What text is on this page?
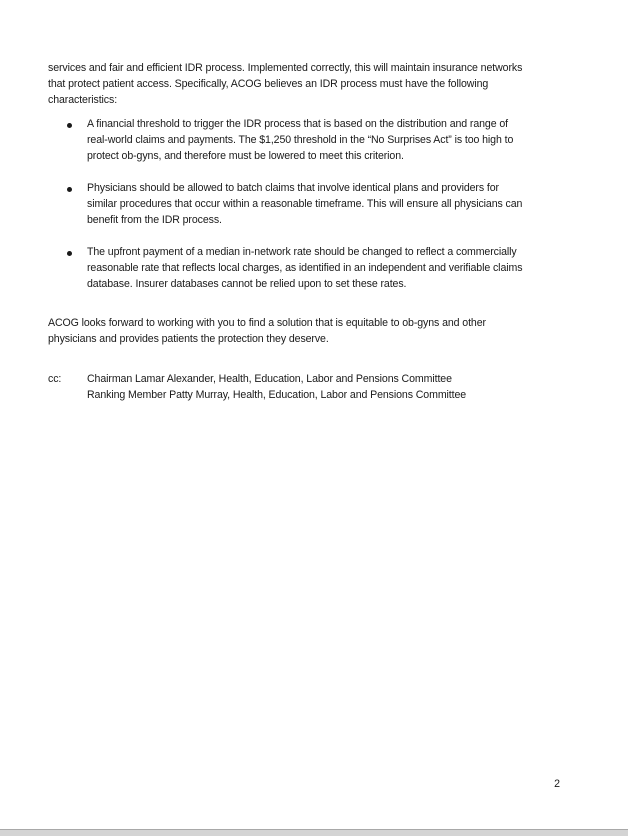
services and fair and efficient IDR process. Implemented correctly, this will maintain insurance networks
that protect patient access. Specifically, ACOG believes an IDR process must have the following
characteristics:
A financial threshold to trigger the IDR process that is based on the distribution and range of
real-world claims and payments. The $1,250 threshold in the “No Surprises Act” is too high to
protect ob-gyns, and therefore must be lowered to meet this criterion.
Physicians should be allowed to batch claims that involve identical plans and providers for
similar procedures that occur within a reasonable timeframe. This will ensure all physicians can
benefit from the IDR process.
The upfront payment of a median in-network rate should be changed to reflect a commercially
reasonable rate that reflects local charges, as identified in an independent and verifiable claims
database. Insurer databases cannot be relied upon to set these rates.
ACOG looks forward to working with you to find a solution that is equitable to ob-gyns and other
physicians and provides patients the protection they deserve.
cc: Chairman Lamar Alexander, Health, Education, Labor and Pensions Committee
Ranking Member Patty Murray, Health, Education, Labor and Pensions Committee
2
